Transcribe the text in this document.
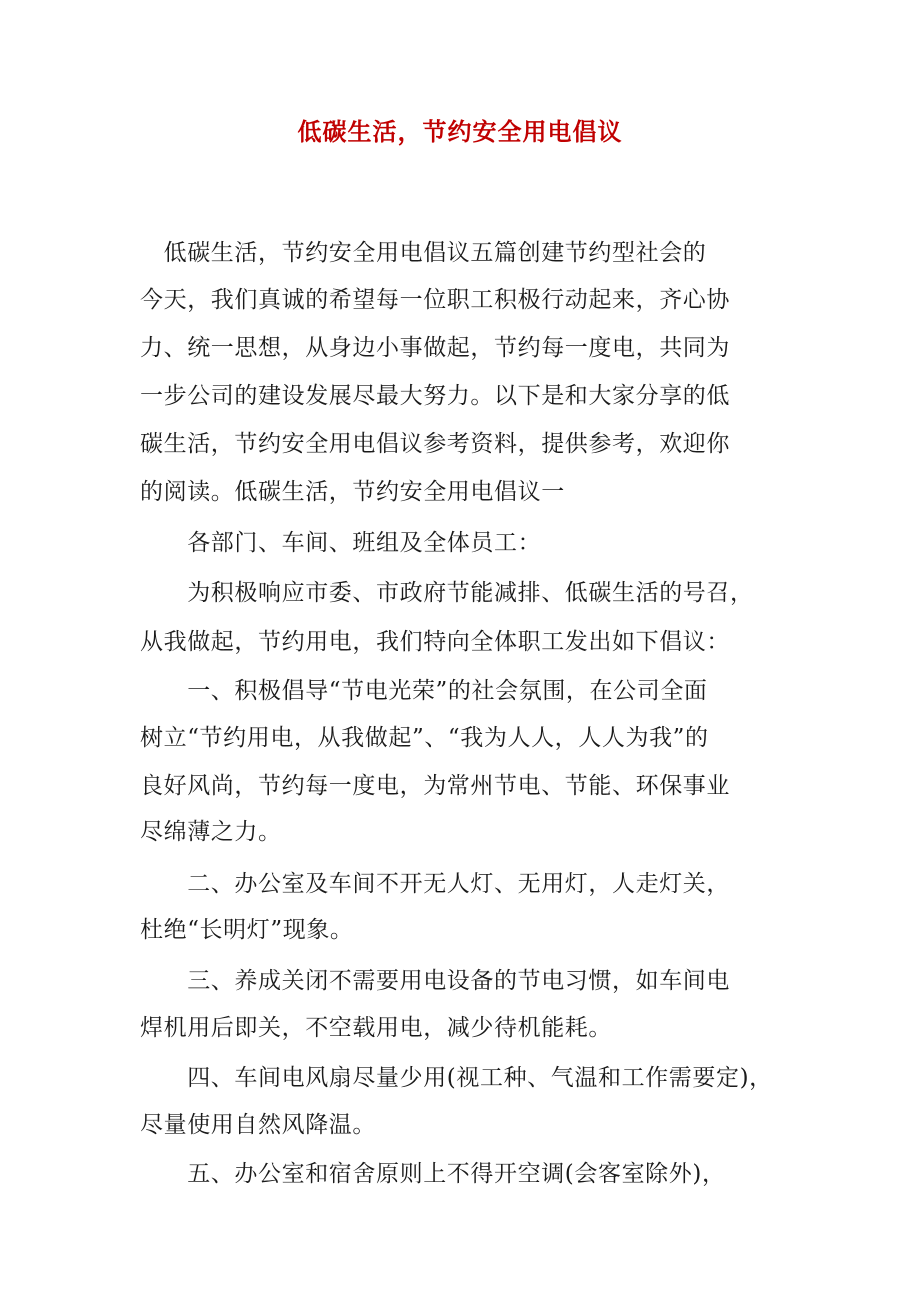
低碳生活，节约安全用电倡议
　低碳生活，节约安全用电倡议五篇创建节约型社会的
今天，我们真诚的希望每一位职工积极行动起来，齐心协
力、统一思想，从身边小事做起，节约每一度电，共同为
一步公司的建设发展尽最大努力。以下是和大家分享的低
碳生活，节约安全用电倡议参考资料，提供参考，欢迎你
的阅读。低碳生活，节约安全用电倡议一
　　各部门、车间、班组及全体员工：
　　为积极响应市委、市政府节能减排、低碳生活的号召，
从我做起，节约用电，我们特向全体职工发出如下倡议：
　　一、积极倡导“节电光荣”的社会氛围，在公司全面
树立“节约用电，从我做起”、“我为人人，人人为我”的
良好风尚，节约每一度电，为常州节电、节能、环保事业
尽绵薄之力。
　　二、办公室及车间不开无人灯、无用灯，人走灯关，
杜绝“长明灯”现象。
　　三、养成关闭不需要用电设备的节电习惯，如车间电
焊机用后即关，不空载用电，减少待机能耗。
　　四、车间电风扇尽量少用(视工种、气温和工作需要定)，
尽量使用自然风降温。
　　五、办公室和宿舍原则上不得开空调(会客室除外)，
